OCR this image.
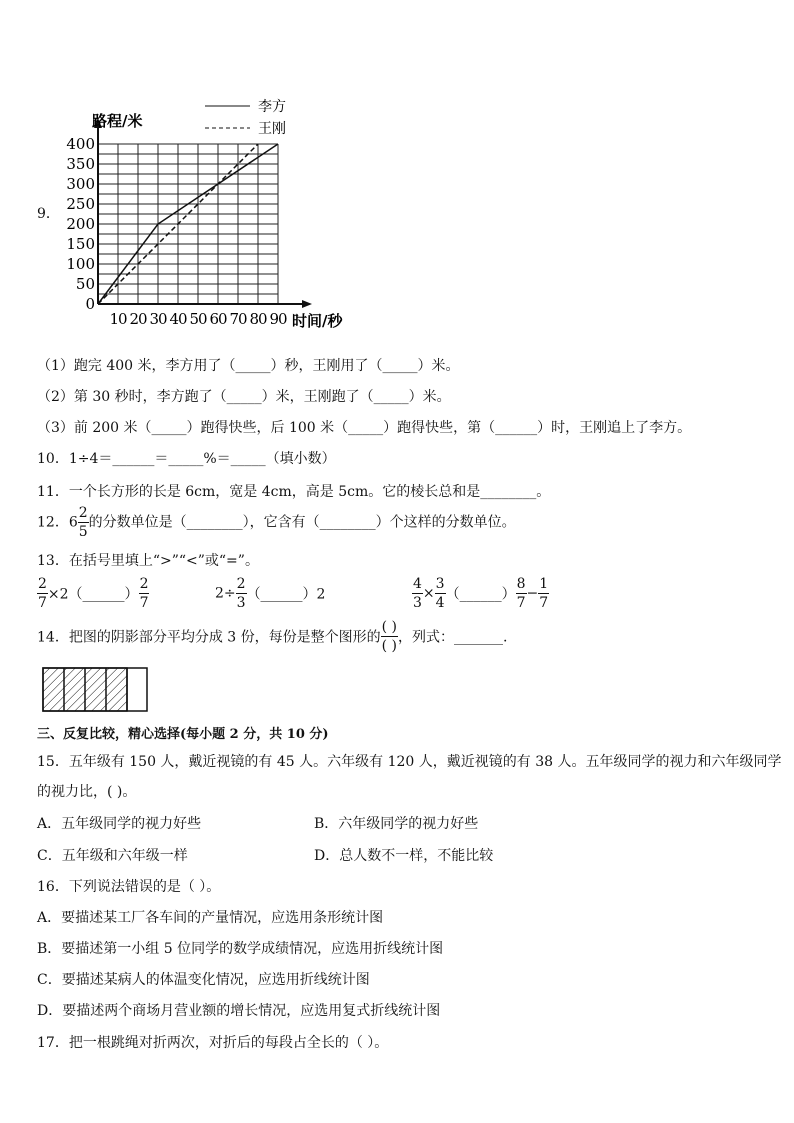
9．
400
350
300
250
200
150
100
50
0
10 20 30 40 50 60 70 80 90
路程/米
时间/秒
李方
王刚
（1）跑完 400 米，李方用了（_____）秒，王刚用了（_____）米。
（2）第 30 秒时，李方跑了（_____）米，王刚跑了（_____）米。
（3）前 200 米（_____）跑得快些，后 100 米（_____）跑得快些，第（______）时，王刚追上了李方。
10．1÷4＝______＝_____%＝_____（填小数）
11．一个长方形的长是 6cm，宽是 4cm，高是 5cm。它的棱长总和是________。
12．$6 \frac{2}{5}$ 的分数单位是（________），它含有（________）个这样的分数单位。
13．在括号里填上“>”“<”或“=”。
$\frac{2}{7}$ ×2（______） $\frac{2}{7}$	$2\div \frac{2}{3}$ （______）2	$\frac{4}{3} \times \frac{3}{4}$ （______） $\frac{8}{7} - \frac{1}{7}$
14．把图的阴影部分平均分成 3 份，每份是整个图形的 $\frac{( )}{( )}$ ，列式：_______.
三、反复比较，精心选择(每小题 2 分，共 10 分)
15．五年级有 150 人，戴近视镜的有 45 人。六年级有 120 人，戴近视镜的有 38 人。五年级同学的视力和六年级同学
的视力比，( )。
A．五年级同学的视力好些	B．六年级同学的视力好些
C．五年级和六年级一样	D．总人数不一样，不能比较
16．下列说法错误的是（ ）。
A．要描述某工厂各车间的产量情况，应选用条形统计图
B．要描述第一小组 5 位同学的数学成绩情况，应选用折线统计图
C．要描述某病人的体温变化情况，应选用折线统计图
D．要描述两个商场月营业额的增长情况，应选用复式折线统计图
17．把一根跳绳对折两次，对折后的每段占全长的（ ）。
